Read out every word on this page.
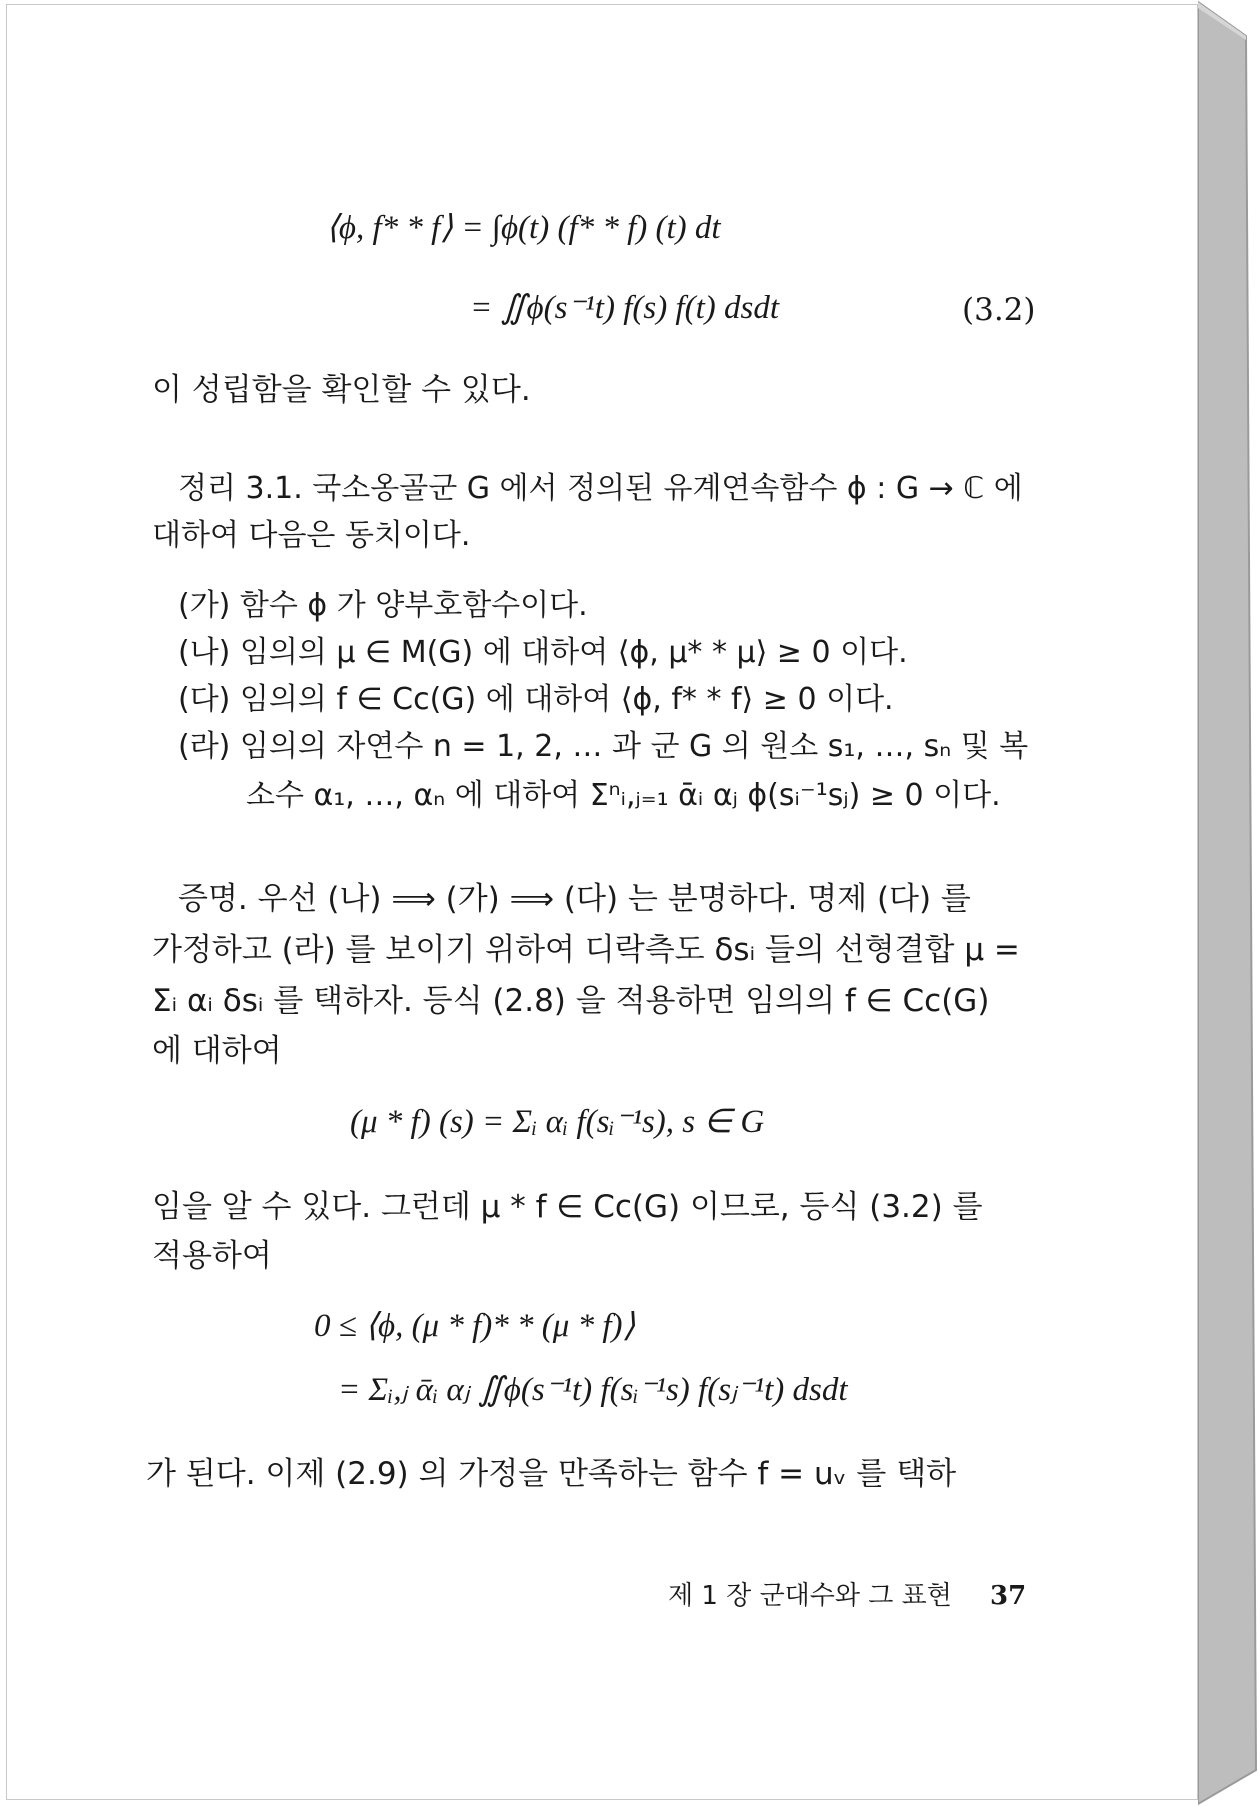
⟨ϕ, f* * f⟩ = ∫ϕ(t) (f* * f) (t) dt
= ∬ϕ(s⁻¹t) f(s) f(t) dsdt	(3.2)
이 성립함을 확인할 수 있다.
정리 3.1. 국소옹골군 G 에서 정의된 유계연속함수 ϕ : G → ℂ 에
대하여 다음은 동치이다.
(가) 함수 ϕ 가 양부호함수이다.
(나) 임의의 μ ∈ M(G) 에 대하여 ⟨ϕ, μ* * μ⟩ ≥ 0 이다.
(다) 임의의 f ∈ Cc(G) 에 대하여 ⟨ϕ, f* * f⟩ ≥ 0 이다.
(라) 임의의 자연수 n = 1, 2, … 과 군 G 의 원소 s₁, …, sₙ 및 복
소수 α₁, …, αₙ 에 대하여 Σⁿᵢ,ⱼ₌₁ ᾱᵢ αⱼ ϕ(sᵢ⁻¹sⱼ) ≥ 0 이다.
증명. 우선 (나) ⟹ (가) ⟹ (다) 는 분명하다. 명제 (다) 를
가정하고 (라) 를 보이기 위하여 디락측도 δsᵢ 들의 선형결합 μ =
Σᵢ αᵢ δsᵢ 를 택하자. 등식 (2.8) 을 적용하면 임의의 f ∈ Cc(G)
에 대하여
(μ * f) (s) = Σᵢ αᵢ f(sᵢ⁻¹s), s ∈ G
임을 알 수 있다. 그런데 μ * f ∈ Cc(G) 이므로, 등식 (3.2) 를
적용하여
0 ≤ ⟨ϕ, (μ * f)* * (μ * f)⟩
= Σᵢ,ⱼ ᾱᵢ αⱼ ∬ϕ(s⁻¹t) f(sᵢ⁻¹s) f(sⱼ⁻¹t) dsdt
가 된다. 이제 (2.9) 의 가정을 만족하는 함수 f = uᵥ 를 택하
제 1 장 군대수와 그 표현 37
